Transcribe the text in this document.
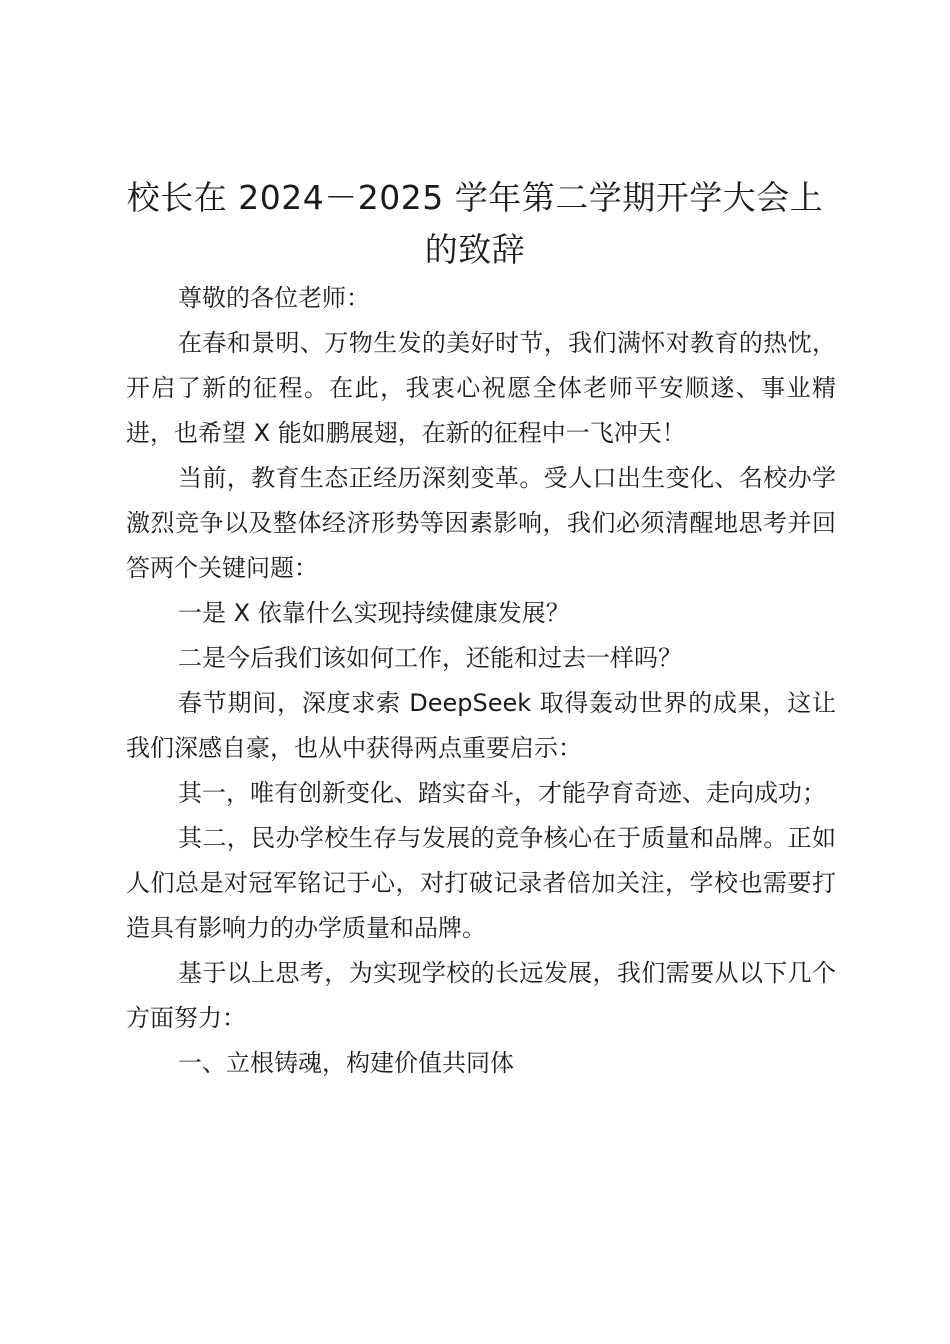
校长在 2024－2025 学年第二学期开学大会上的致辞

尊敬的各位老师：

在春和景明、万物生发的美好时节，我们满怀对教育的热忱，开启了新的征程。在此，我衷心祝愿全体老师平安顺遂、事业精进，也希望 X 能如鹏展翅，在新的征程中一飞冲天！

当前，教育生态正经历深刻变革。受人口出生变化、名校办学激烈竞争以及整体经济形势等因素影响，我们必须清醒地思考并回答两个关键问题：

一是 X 依靠什么实现持续健康发展？

二是今后我们该如何工作，还能和过去一样吗？

春节期间，深度求索 DeepSeek 取得轰动世界的成果，这让我们深感自豪，也从中获得两点重要启示：

其一，唯有创新变化、踏实奋斗，才能孕育奇迹、走向成功；

其二，民办学校生存与发展的竞争核心在于质量和品牌。正如人们总是对冠军铭记于心，对打破记录者倍加关注，学校也需要打造具有影响力的办学质量和品牌。

基于以上思考，为实现学校的长远发展，我们需要从以下几个方面努力：

一、立根铸魂，构建价值共同体
